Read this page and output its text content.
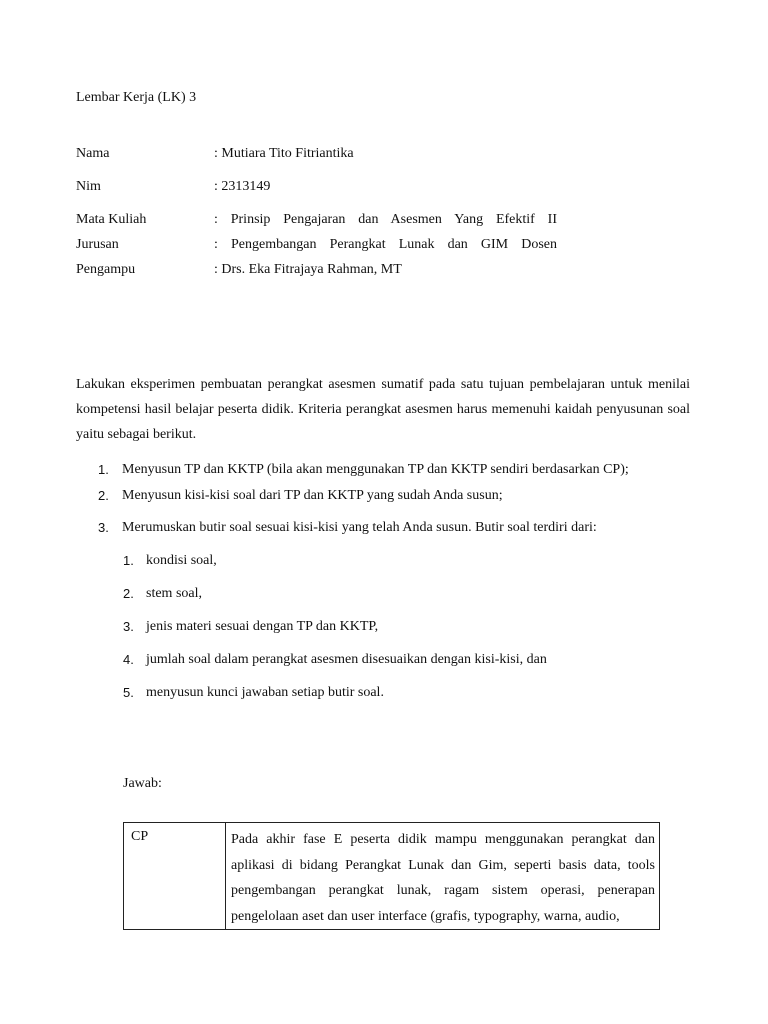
Lembar Kerja (LK) 3
Nama	: Mutiara Tito Fitriantika
Nim	: 2313149
Mata Kuliah	: Prinsip Pengajaran dan Asesmen Yang Efektif II
Jurusan	: Pengembangan Perangkat Lunak dan GIM Dosen
Pengampu	: Drs. Eka Fitrajaya Rahman, MT
Lakukan eksperimen pembuatan perangkat asesmen sumatif pada satu tujuan pembelajaran untuk menilai kompetensi hasil belajar peserta didik. Kriteria perangkat asesmen harus memenuhi kaidah penyusunan soal yaitu sebagai berikut.
1. Menyusun TP dan KKTP (bila akan menggunakan TP dan KKTP sendiri berdasarkan CP);
2. Menyusun kisi-kisi soal dari TP dan KKTP yang sudah Anda susun;
3. Merumuskan butir soal sesuai kisi-kisi yang telah Anda susun. Butir soal terdiri dari:
1. kondisi soal,
2. stem soal,
3. jenis materi sesuai dengan TP dan KKTP,
4. jumlah soal dalam perangkat asesmen disesuaikan dengan kisi-kisi, dan
5. menyusun kunci jawaban setiap butir soal.
Jawab:
CP	Pada akhir fase E peserta didik mampu menggunakan perangkat dan aplikasi di bidang Perangkat Lunak dan Gim, seperti basis data, tools pengembangan perangkat lunak, ragam sistem operasi, penerapan pengelolaan aset dan user interface (grafis, typography, warna, audio,
